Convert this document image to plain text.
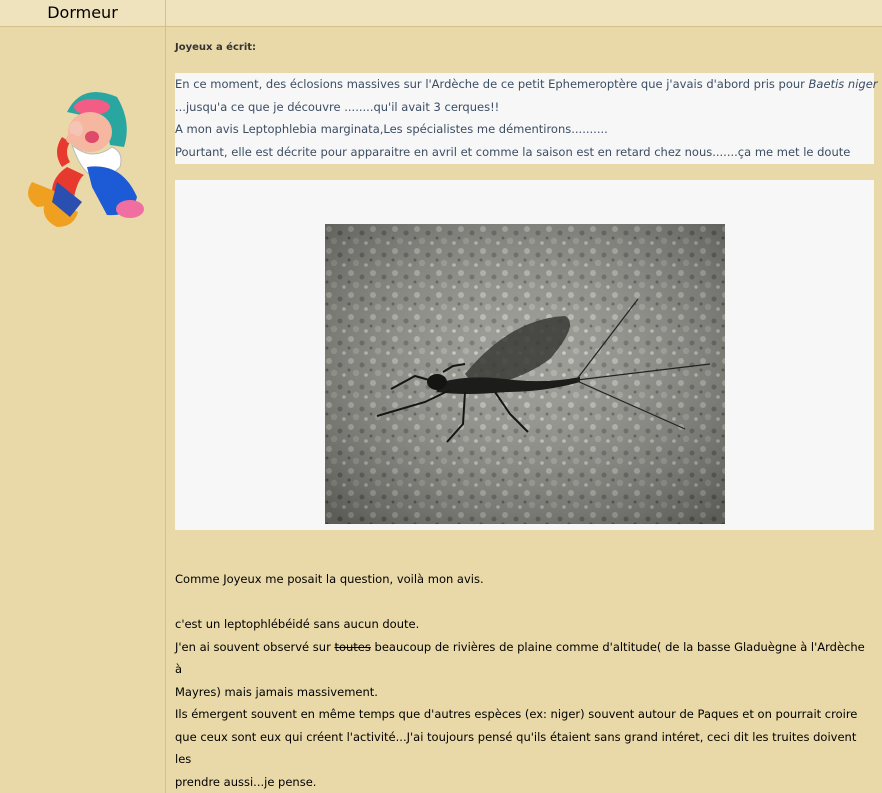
Dormeur
Joyeux a écrit:
En ce moment, des éclosions massives sur l'Ardèche de ce petit Ephemeroptère que j'avais d'abord pris pour Baetis niger
...jusqu'a ce que je découvre ........qu'il avait 3 cerques!!
A mon avis Leptophlebia marginata,Les spécialistes me démentirons..........
Pourtant, elle est décrite pour apparaitre en avril et comme la saison est en retard chez nous.......ça me met le doute
Comme Joyeux me posait la question, voilà mon avis.
c'est un leptophlébéidé sans aucun doute.
J'en ai souvent observé sur toutes beaucoup de rivières de plaine comme d'altitude( de la basse Gladuègne à l'Ardèche à
Mayres) mais jamais massivement.
Ils émergent souvent en même temps que d'autres espèces (ex: niger) souvent autour de Paques et on pourrait croire
que ceux sont eux qui créent l'activité...J'ai toujours pensé qu'ils étaient sans grand intéret, ceci dit les truites doivent les
prendre aussi...je pense.
